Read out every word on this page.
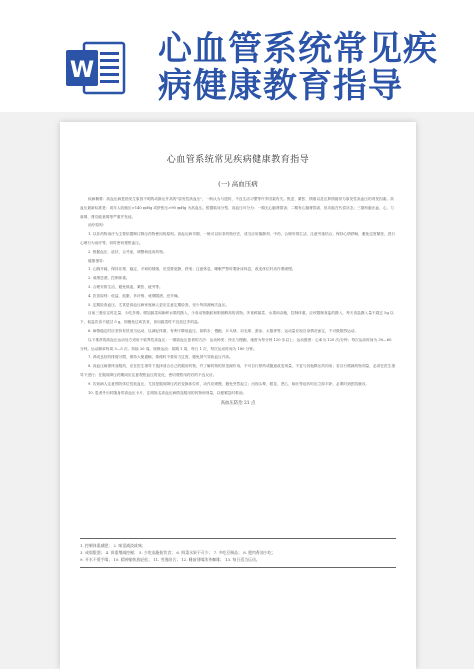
W
心血管系统常见疾
病健康教育指导
心血管系统常见疾病健康教育指导
(一) 高血压病

疾病概要：高血压病是指发生原因不明的动脉压升高的"原发性高血压"，一般认为与遗传、不良生活习惯等许多因素有关。焦虑、紧张、情绪以及压抑情绪常为原发性高血压的诱发因素。高血压最新标准是：成年人收缩压>140 ㎜Hg 或舒张压>90 ㎜Hg 为高血压。根据临床分型，高血压可分为：一期无心脑肾损害；二期有心脑肾损害，但功能在代偿状态；三期有脑出血、心、力衰竭、肾功能衰竭等严重并发症。

治疗原则：

1. 以非药物治疗为主要依据制订降压药物使用的原则。高血压病早期，一般可以用非药物疗法，适当应用镇静剂、中药，合理安排生活，注意劳逸结合，保持心情舒畅，避免过度紧张，进行心理行为治疗等，同时密切观察血压。

2. 根据血压、症状、合并症，调整和选用药物。

健康指导：

1. 心胸开阔，保持乐观、稳定、平和的情绪，厌觉要宽静、舒适；注意休息，睡眠严禁时要卧床休息，改变体位时动作要缓慢。

2. 戒烟忌酒，控制体重。

3. 合理安排生活，避免熬夜、紧张、疲劳等。

4. 饮食原则：低盐、低脂、多纤维、戒烟限酒、忌辛辣。

5. 定期检查血压，尤其是高血压病家庭病人更应注意定期检查，至少每周测两次血压。

目前三餐应定时定量，少吃多餐。增加蔬菜和新鲜水果的摄入，少食动物脂肪和胆固醇高的食物。多食鲜蔬菜、水果和杂粮，控制体重。应该限制食盐的摄入，每天食盐摄入量不超过 5g 以下，低盐饮食不超过 5 g，即避免过咸饮食，食用蔬菜时不宜放过多的盐。

6. 病情稳定时应坚持有效适当运动，以减轻体重，有利于降低血压，如散步、慢跑、乒乓球、羽毛球、游泳、太极拳等，运动量应视自身情况而定，不可做剧烈运动。

以下推荐的高血压运动处方适用于临界性高血压：一期高血压患者的方法：运动种类：快走与慢跑，速度为每分钟 120 步以上；运动强度：心率为 120 次/分钟；每次运动时间为 30—60 分钟。运动频率每周 3—5 次。持续 20 周。规律运动：周期 1 周，每日 1 次，每次运动时间为 180 分钟。

7. 养成良好的排便习惯，保持大便通畅，排便时不要用力过度，避免屏气导致血压升高。

8. 高血压病需终身服药，应在医生指导下选择适合自己的服用药物，并了解药物的常见副作用，不可自行停药或随意改变剂量，不宜与其他降压药同用；若自行增减药物剂量，必须在医生指导下进行；在服用降压药期间应注意观察血压的变化，密切观察用药后的不良反应。

9. 告知病人注意预防体位性低血压，尤其是服用降压药后变换体位时，动作应缓慢，避免突然起立；出现头晕、眼花、恶心、呕吐等症状时应立即平卧，必要时到医院就诊。

10. 患者外出时随身带高血压卡片，注明姓名高血压病情及服用的药物和剂量，以便紧急时救治。

高血压防治 21 点
1. 控制体重减肥； 2. 味觉减淡咸味；
3. 戒烟限酒； 4. 体重增减控制； 5. 少吃高脂肪饮食； 6. 鲜菜水果不可少； 7. 多吃豆制品； 8. 肥肉香油少吃；
9. 开水不烫手喝； 10. 精神愉快放轻松； 11. 劳逸结合； 12. 睡前别喝浓茶咖啡； 13. 每日适当运动。
